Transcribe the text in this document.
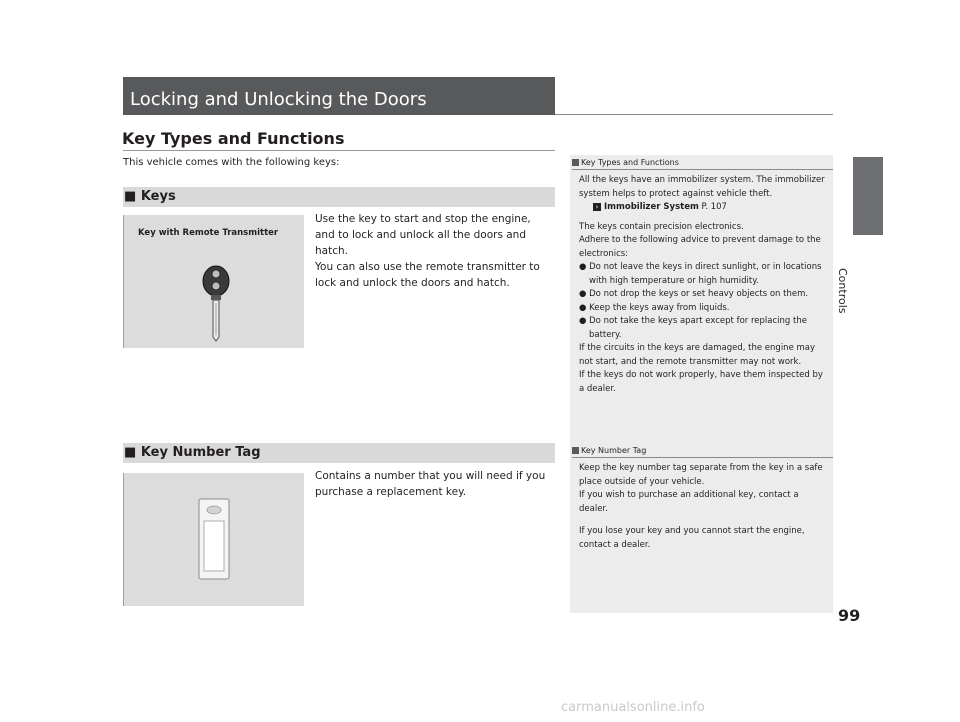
Locking and Unlocking the Doors
Controls
99
Key Types and Functions
This vehicle comes with the following keys:
■ Keys
Key with Remote Transmitter
Use the key to start and stop the engine, and to lock and unlock all the doors and hatch.
You can also use the remote transmitter to lock and unlock the doors and hatch.
■ Key Number Tag
Contains a number that you will need if you purchase a replacement key.
Key Types and Functions

All the keys have an immobilizer system. The immobilizer system helps to protect against vehicle theft.

› Immobilizer System P. 107

The keys contain precision electronics.

Adhere to the following advice to prevent damage to the electronics:

● Do not leave the keys in direct sunlight, or in locations with high temperature or high humidity.

● Do not drop the keys or set heavy objects on them.

● Keep the keys away from liquids.

● Do not take the keys apart except for replacing the battery.

If the circuits in the keys are damaged, the engine may not start, and the remote transmitter may not work.

If the keys do not work properly, have them inspected by a dealer.

Key Number Tag

Keep the key number tag separate from the key in a safe place outside of your vehicle.

If you wish to purchase an additional key, contact a dealer.

If you lose your key and you cannot start the engine, contact a dealer.

carmanualsonline.info
